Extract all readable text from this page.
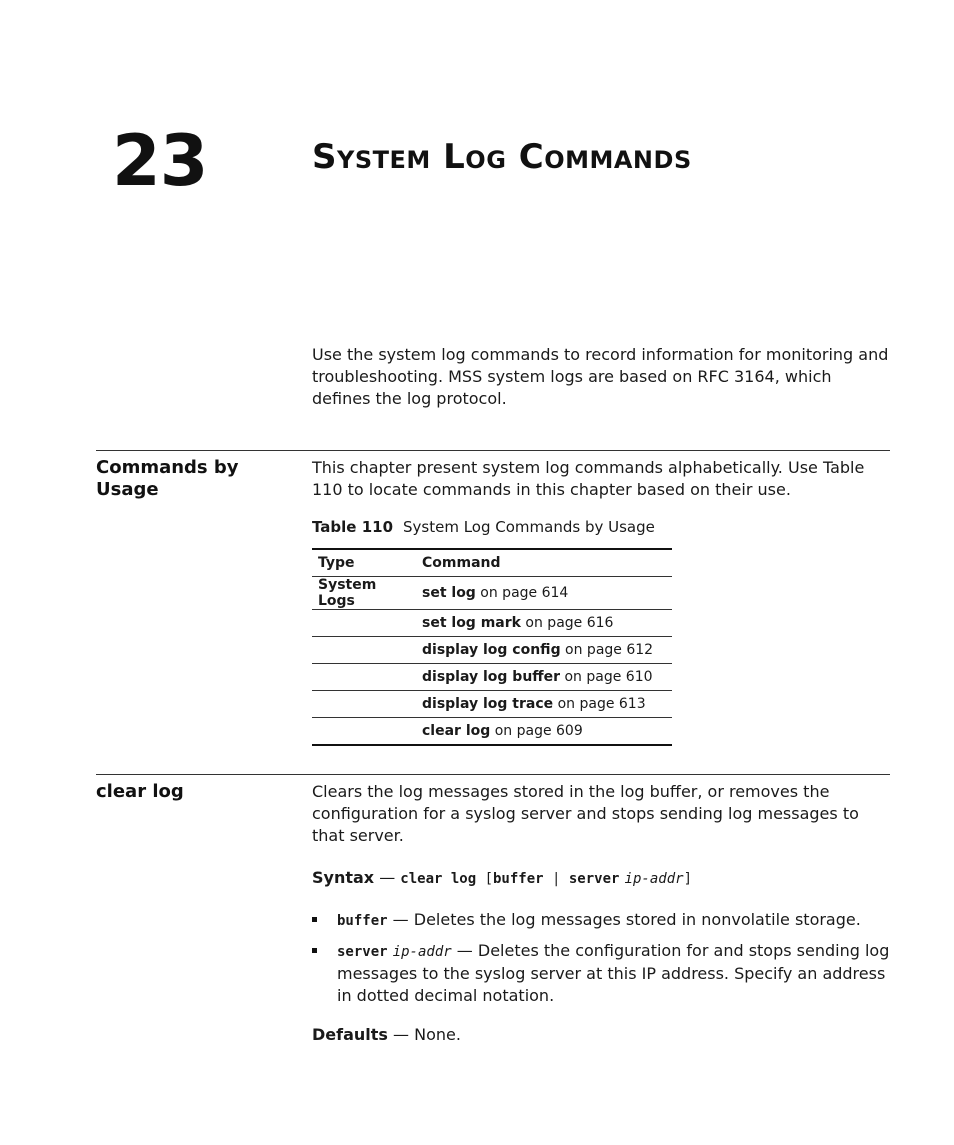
23	System Log Commands
Use the system log commands to record information for monitoring and troubleshooting. MSS system logs are based on RFC 3164, which defines the log protocol.
Commands by Usage
This chapter present system log commands alphabetically. Use Table 110 to locate commands in this chapter based on their use.
Table 110 System Log Commands by Usage
Type	Command
System Logs	set log on page 614
	set log mark on page 616
	display log config on page 612
	display log buffer on page 610
	display log trace on page 613
	clear log on page 609
clear log	Clears the log messages stored in the log buffer, or removes the configuration for a syslog server and stops sending log messages to that server.
Syntax — clear log [buffer | server ip-addr]
buffer — Deletes the log messages stored in nonvolatile storage.
server ip-addr — Deletes the configuration for and stops sending log messages to the syslog server at this IP address. Specify an address in dotted decimal notation.
Defaults — None.
